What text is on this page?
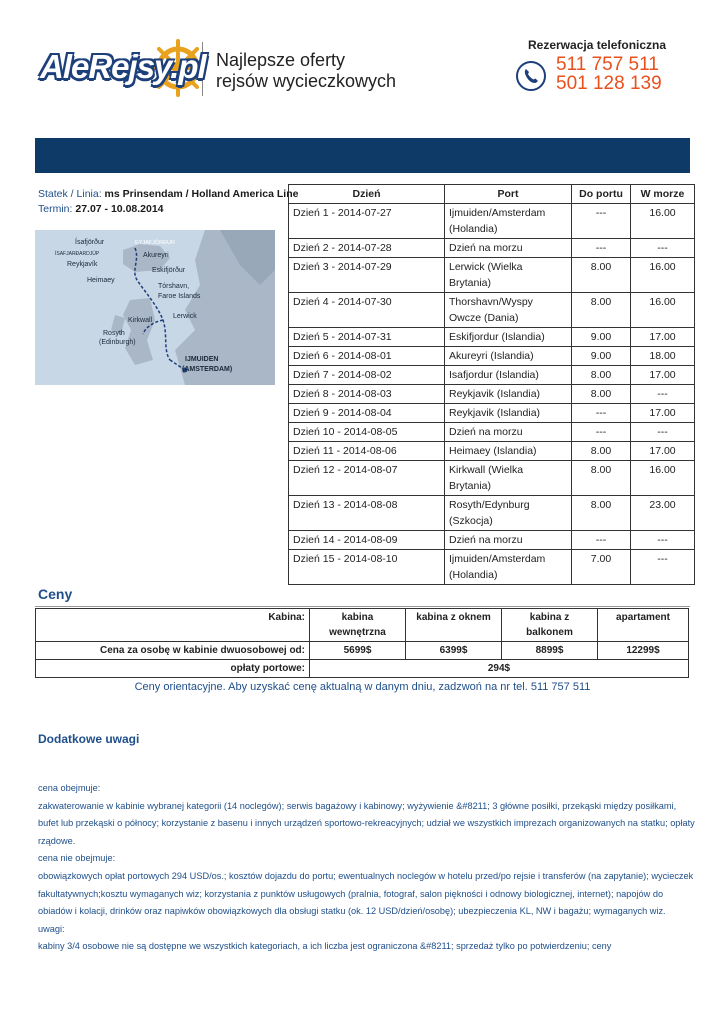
AleRejsy.pl Najlepsze oferty
rejsów wycieczkowych
Rezerwacja telefoniczna
511 757 511
501 128 139
Statek / Linia: ms Prinsendam / Holland America Line
Termin: 27.07 - 10.08.2014
Ísafjörður
ÍSAFJARÐARDJÚP
EYJAFJÖRÐUR
Akureyri
Reykjavík
Eskifjörður
Heimaey
Tórshavn,
Faroe Islands
Lerwick
Kirkwall
Rosyth
(Edinburgh)
IJMUIDEN
(AMSTERDAM)
Dzień	Port	Do portu	W morze
Dzień 1 - 2014-07-27	Ijmuiden/Amsterdam (Holandia)	---	16.00
Dzień 2 - 2014-07-28	Dzień na morzu	---	---
Dzień 3 - 2014-07-29	Lerwick (Wielka Brytania)	8.00	16.00
Dzień 4 - 2014-07-30	Thorshavn/Wyspy Owcze (Dania)	8.00	16.00
Dzień 5 - 2014-07-31	Eskifjordur (Islandia)	9.00	17.00
Dzień 6 - 2014-08-01	Akureyri (Islandia)	9.00	18.00
Dzień 7 - 2014-08-02	Isafjordur (Islandia)	8.00	17.00
Dzień 8 - 2014-08-03	Reykjavik (Islandia)	8.00	---
Dzień 9 - 2014-08-04	Reykjavik (Islandia)	---	17.00
Dzień 10 - 2014-08-05	Dzień na morzu	---	---
Dzień 11 - 2014-08-06	Heimaey (Islandia)	8.00	17.00
Dzień 12 - 2014-08-07	Kirkwall (Wielka Brytania)	8.00	16.00
Dzień 13 - 2014-08-08	Rosyth/Edynburg (Szkocja)	8.00	23.00
Dzień 14 - 2014-08-09	Dzień na morzu	---	---
Dzień 15 - 2014-08-10	Ijmuiden/Amsterdam (Holandia)	7.00	---
Ceny
Kabina:	kabina wewnętrzna	kabina z oknem	kabina z balkonem	apartament
Cena za osobę w kabinie dwuosobowej od:	5699$	6399$	8899$	12299$
opłaty portowe:	294$			
Ceny orientacyjne. Aby uzyskać cenę aktualną w danym dniu, zadzwoń na nr tel. 511 757 511
Dodatkowe uwagi

cena obejmuje:

zakwaterowanie w kabinie wybranej kategorii (14 noclegów); serwis bagażowy i kabinowy; wyżywienie &#8211; 3 główne posiłki, przekąski między posiłkami, bufet lub przekąski o północy; korzystanie z basenu i innych urządzeń sportowo-rekreacyjnych; udział we wszystkich imprezach organizowanych na statku; opłaty rządowe.

cena nie obejmuje:

obowiązkowych opłat portowych 294 USD/os.; kosztów dojazdu do portu; ewentualnych noclegów w hotelu przed/po rejsie i transferów (na zapytanie); wycieczek fakultatywnych;kosztu wymaganych wiz; korzystania z punktów usługowych (pralnia, fotograf, salon piękności i odnowy biologicznej, internet); napojów do obiadów i kolacji, drinków oraz napiwków obowiązkowych dla obsługi statku (ok. 12 USD/dzień/osobę); ubezpieczenia KL, NW i bagażu; wymaganych wiz.

uwagi:

kabiny 3/4 osobowe nie są dostępne we wszystkich kategoriach, a ich liczba jest ograniczona &#8211; sprzedaż tylko po potwierdzeniu; ceny
